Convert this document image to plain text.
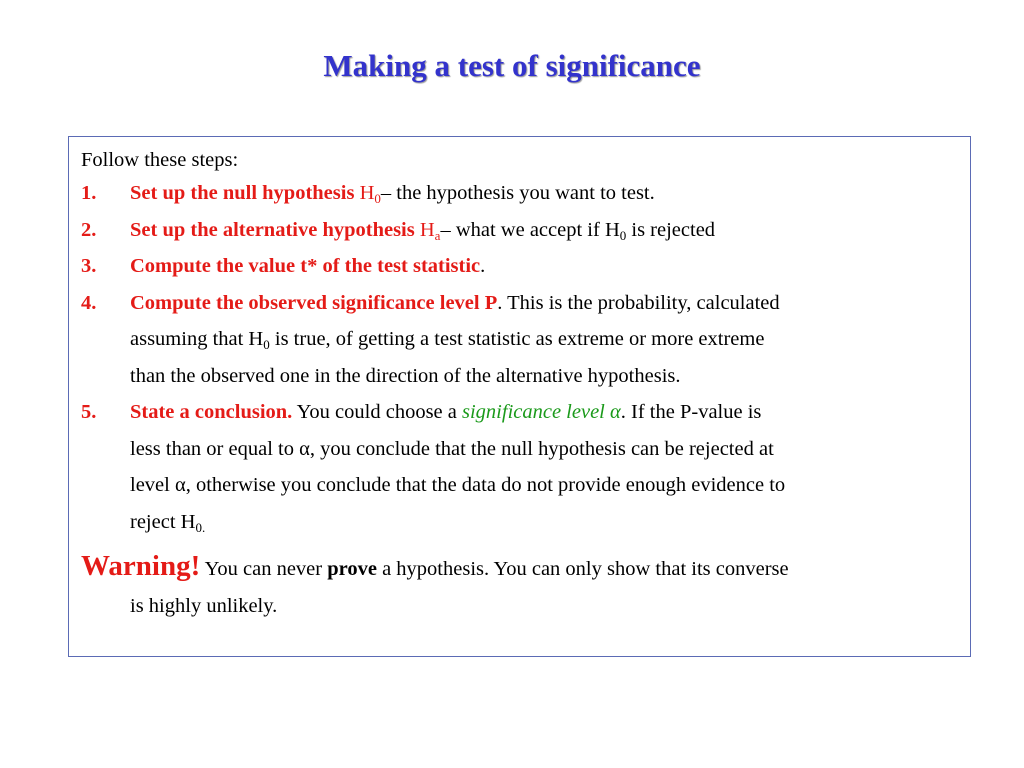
Making a test of significance
Follow these steps:
1. Set up the null hypothesis $H_0-$ the hypothesis you want to test.
2. Set up the alternative hypothesis $H_a-$ what we accept if $H_0$ is rejected
3. Compute the value t* of the test statistic.
4. Compute the observed significance level P. This is the probability, calculated
assuming that $H_0$ is true, of getting a test statistic as extreme or more extreme
than the observed one in the direction of the alternative hypothesis.
5. State a conclusion. You could choose a significance level α. If the P-value is
less than or equal to α, you conclude that the null hypothesis can be rejected at
level α, otherwise you conclude that the data do not provide enough evidence to
reject $H_{0.}$
Warning! You can never prove a hypothesis. You can only show that its converse
is highly unlikely.
